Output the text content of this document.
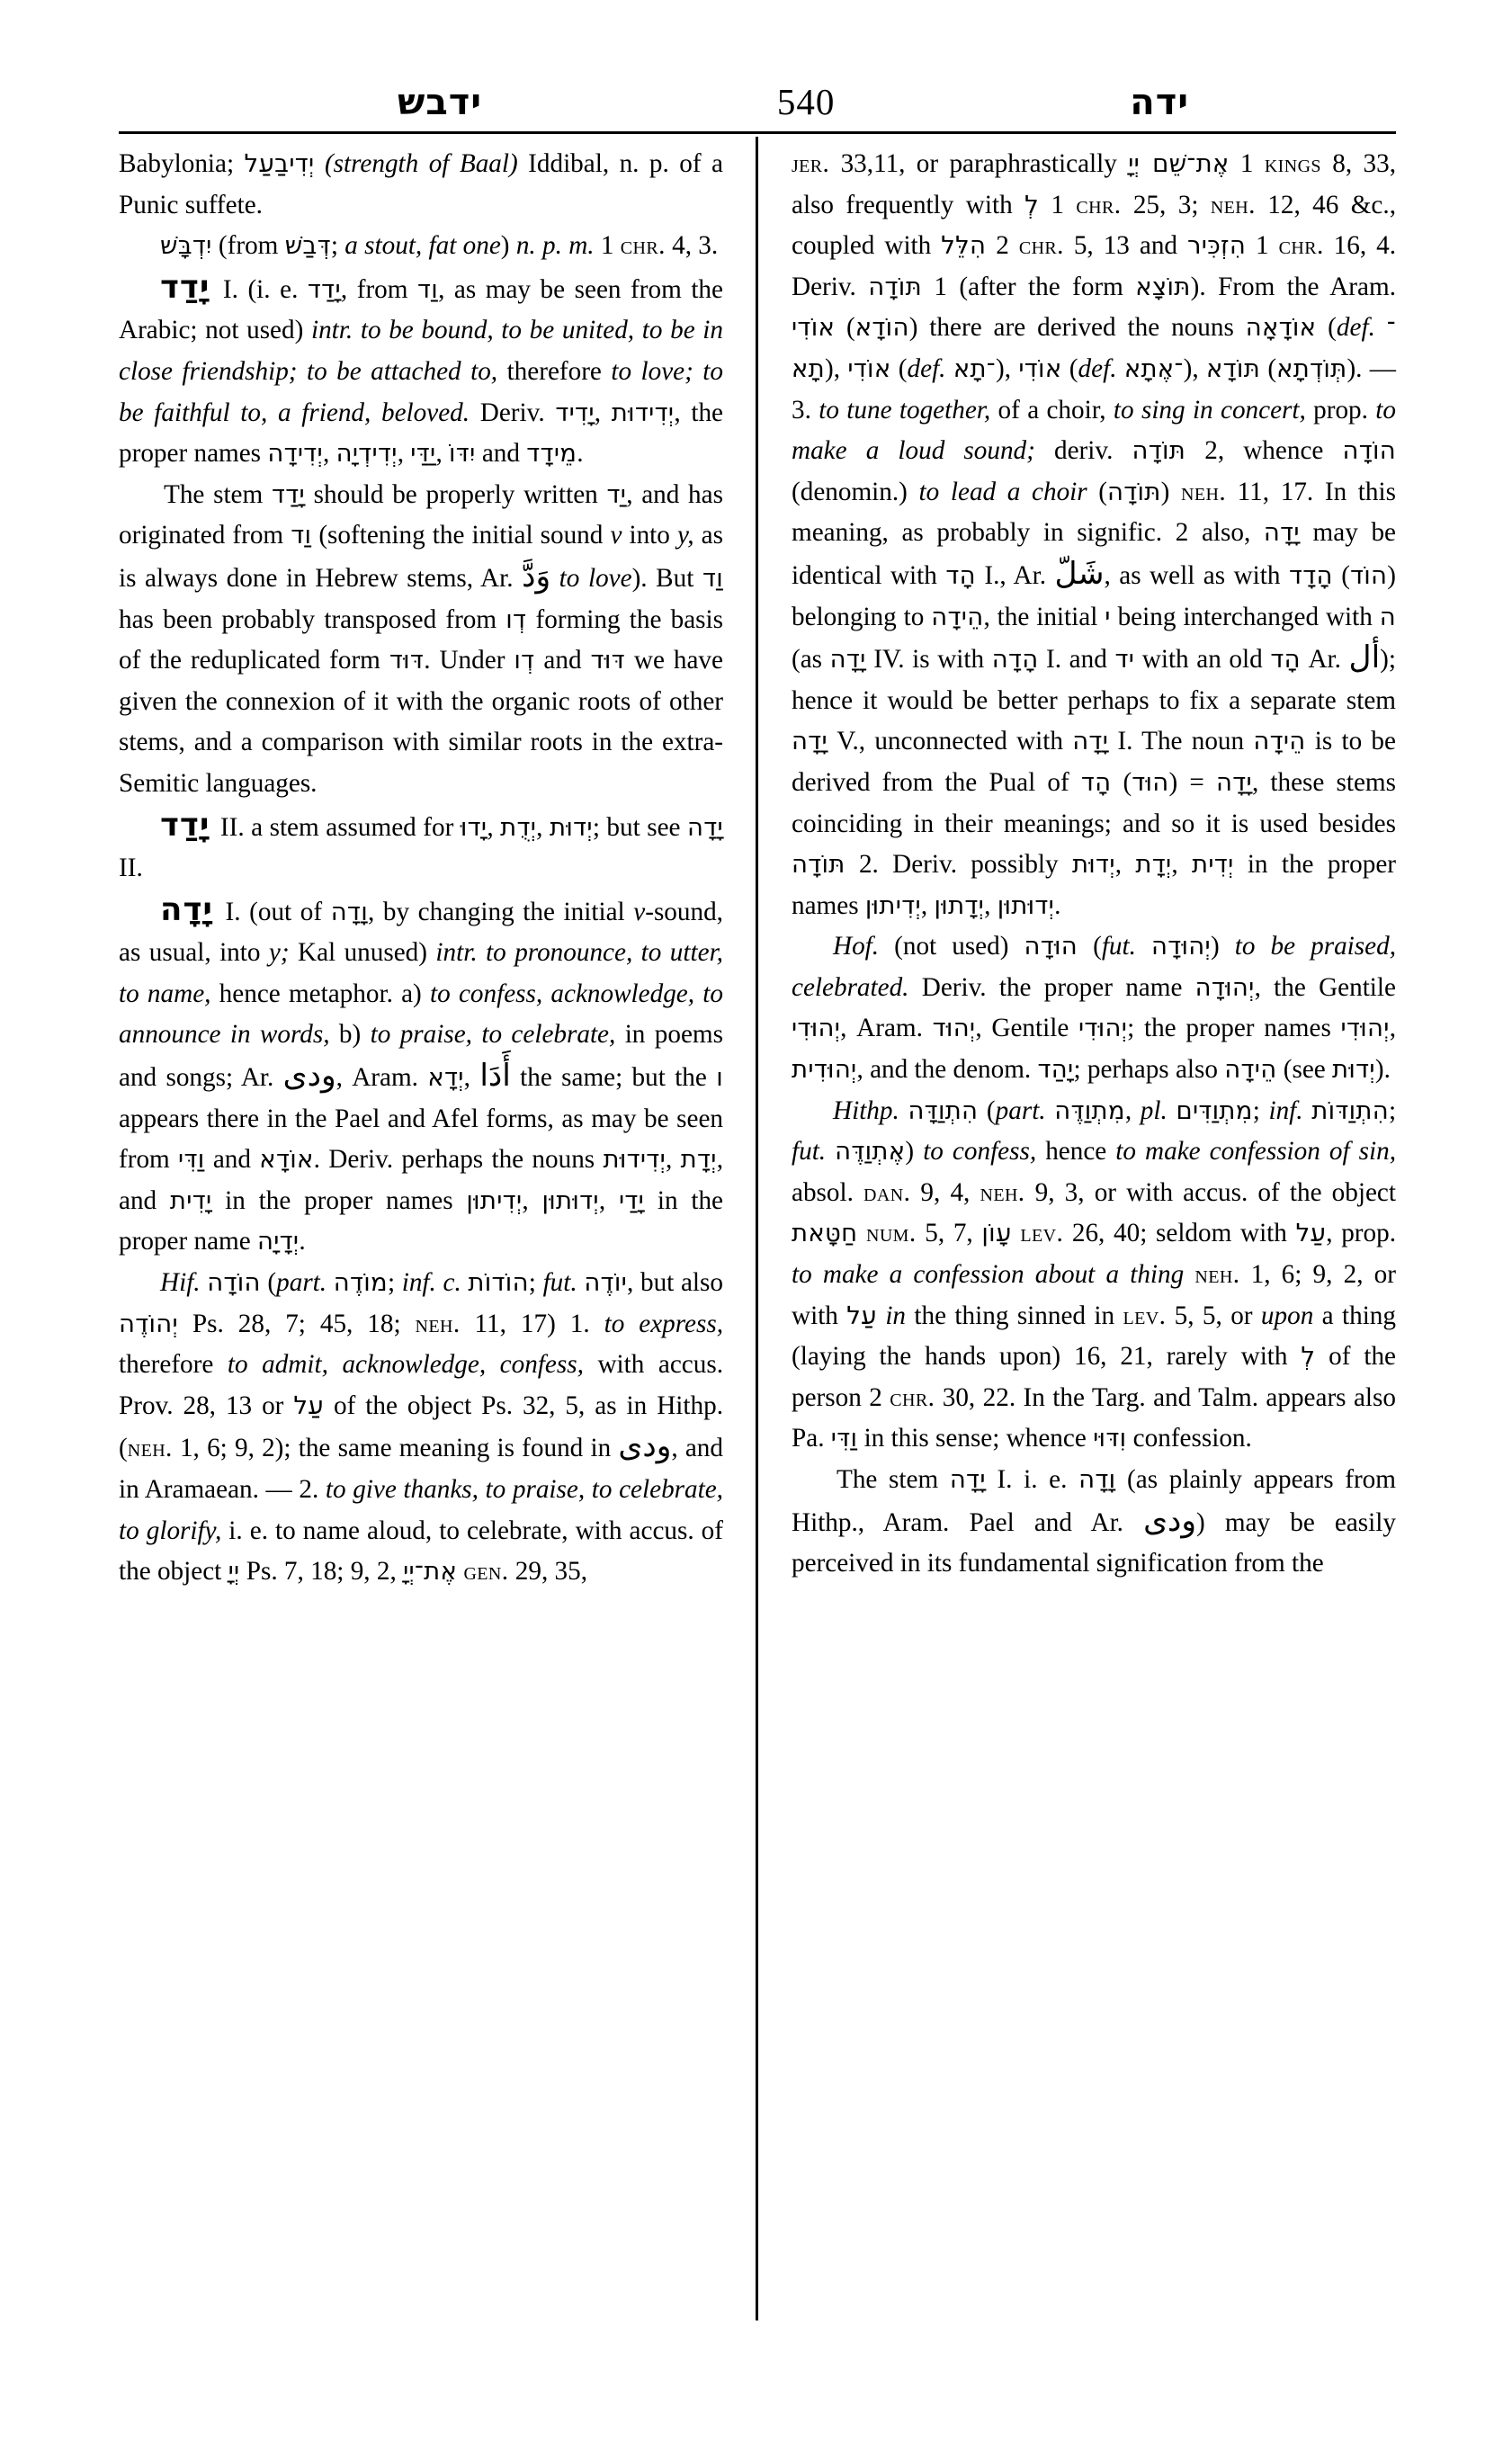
ידבש	540	ידה

Babylonia; יְדִיבַעַל (strength of Baal) Iddibal, n. p. of a Punic suffete.

יִדְבָּשׁ (from דְּבַשׁ; a stout, fat one) n. p. m. 1 chr. 4, 3.

יָדַד I. (i. e. יָדַד, from וַד, as may be seen from the Arabic; not used) intr. to be bound, to be united, to be in close friendship; to be attached to, therefore to love; to be faithful to, a friend, beloved. Deriv. יָדִיד, יְדִידוּת, the proper names יְדִידָה, יְדִידְיָה, יַדַּי, יִדּוֹ and מֵידָד.

The stem יָדַד should be properly written יַד, and has originated from וַד (softening the initial sound v into y, as is always done in Hebrew stems, Ar. وَدَّ to love). But וַד has been probably transposed from דְו forming the basis of the reduplicated form דּוּד. Under דְו and דּוּד we have given the connexion of it with the organic roots of other stems, and a comparison with similar roots in the extra-Semitic languages.

יָדַד II. a stem assumed for יָדוּ, יְדֻת, יְדוּת; but see יָדָה II.

יָדָה I. (out of וָדָה, by changing the initial v-sound, as usual, into y; Kal unused) intr. to pronounce, to utter, to name, hence metaphor. a) to confess, acknowledge, to announce in words, b) to praise, to celebrate, in poems and songs; Ar. ودى, Aram. יְדָא, أَدَا the same; but the ו appears there in the Pael and Afel forms, as may be seen from וַדִּי and אוֹדָא. Deriv. perhaps the nouns יְדִידוּת, יְדָת, and יָדִית in the proper names יְדִיתוּן, יְדוּתוּן, יָדַי in the proper name יְדָיָה.

Hif. הוֹדָה (part. מוֹדֶה; inf. c. הוֹדוֹת; fut. יוֹדֶה, but also יְהוֹדֶה Ps. 28, 7; 45, 18; neh. 11, 17) 1. to express, therefore to admit, acknowledge, confess, with accus. Prov. 28, 13 or עַל of the object Ps. 32, 5, as in Hithp. (neh. 1, 6; 9, 2); the same meaning is found in ودى, and in Aramaean. — 2. to give thanks, to praise, to celebrate, to glorify, i. e. to name aloud, to celebrate, with accus. of the object יְיָ Ps. 7, 18; 9, 2, אֶת־יְיָ gen. 29, 35,

jer. 33,11, or paraphrastically אֶת־שֵׁם יְיָ 1 kings 8, 33, also frequently with לְ 1 chr. 25, 3; neh. 12, 46 &c., coupled with הִלֵּל 2 chr. 5, 13 and הִזְכִּיר 1 chr. 16, 4. Deriv. תּוֹדָה 1 (after the form תּוֹצָא). From the Aram. אוֹדִי (הוֹדָא) there are derived the nouns אוֹדָאָה (def. ־תָא), אוֹדִי (def. ־תָא), אוֹדִי (def. ־אֶתָא), תּוֹדָא (תְּוֹדְתָא). — 3. to tune together, of a choir, to sing in concert, prop. to make a loud sound; deriv. תּוֹדָה 2, whence הוֹדָה (denomin.) to lead a choir (תּוֹדָה) neh. 11, 17. In this meaning, as probably in signific. 2 also, יָדָה may be identical with הָד I., Ar. شَلّ, as well as with הָדָד (הוֹד) belonging to הֵידָה, the initial י being interchanged with ה (as יָדָה IV. is with הָדָה I. and יד with an old הָד Ar. أل); hence it would be better perhaps to fix a separate stem יָדָה V., unconnected with יָדָה I. The noun הֵידָה is to be derived from the Pual of הָד (הוּד) = יָדָה, these stems coinciding in their meanings; and so it is used besides תּוֹדָה 2. Deriv. possibly יְדוּת, יְדָת, יְדִית in the proper names יְדִיתוּן, יְדָתוּן, יְדוּתוּן.

Hof. (not used) הוּדָה (fut. יְהוּדָה) to be praised, celebrated. Deriv. the proper name יְהוּדָה, the Gentile יְהוּדִי, Aram. יְהוּד, Gentile יְהוּדִי; the proper names יְהוּדִי, יְהוּדִית, and the denom. יָהַד; perhaps also הֵידָה (see יְדוּת).

Hithp. הִתְוַדָּה (part. מִתְוַדֶּה, pl. מִתְוַדִּים; inf. הִתְוַדּוֹת; fut. אֶתְוַדֶּה) to confess, hence to make confession of sin, absol. dan. 9, 4, neh. 9, 3, or with accus. of the object חַטָּאת num. 5, 7, עָוֹן lev. 26, 40; seldom with עַל, prop. to make a confession about a thing neh. 1, 6; 9, 2, or with עַל in the thing sinned in lev. 5, 5, or upon a thing (laying the hands upon) 16, 21, rarely with לְ of the person 2 chr. 30, 22. In the Targ. and Talm. appears also Pa. וַדִּי in this sense; whence וִדּוּי confession.

The stem יָדָה I. i. e. וָדָה (as plainly appears from Hithp., Aram. Pael and Ar. ودى) may be easily perceived in its fundamental signification from the
